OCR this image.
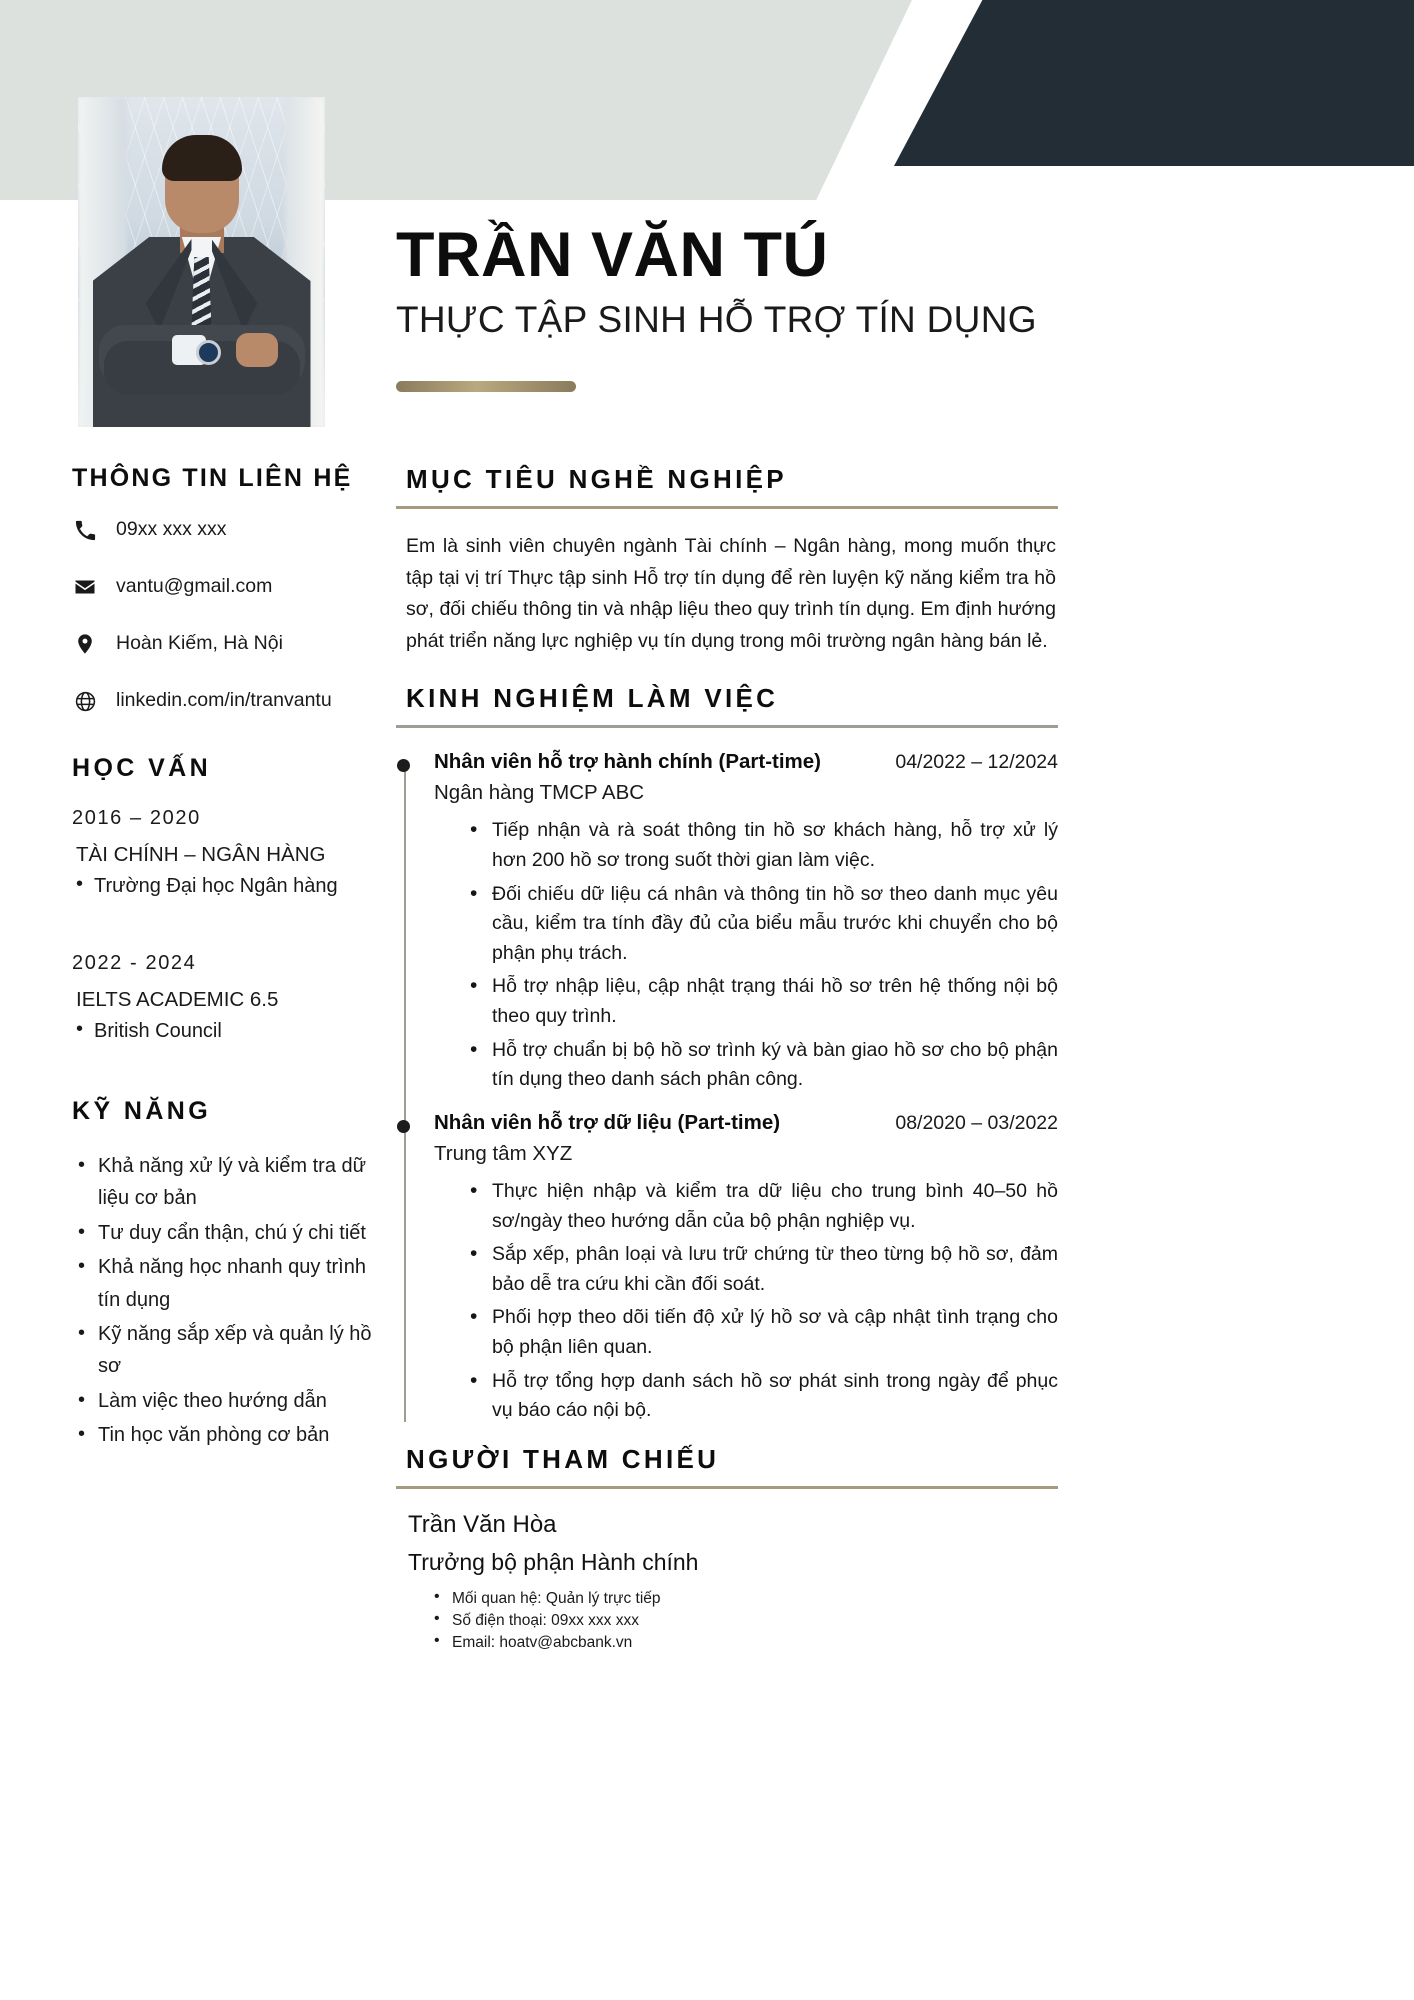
TRẦN VĂN TÚ
THỰC TẬP SINH HỖ TRỢ TÍN DỤNG
THÔNG TIN LIÊN HỆ
09xx xxx xxx
vantu@gmail.com
Hoàn Kiếm, Hà Nội
linkedin.com/in/tranvantu
HỌC VẤN
2016 – 2020
TÀI CHÍNH – NGÂN HÀNG
• Trường Đại học Ngân hàng
2022 - 2024
IELTS ACADEMIC 6.5
• British Council
KỸ NĂNG
• Khả năng xử lý và kiểm tra dữ liệu cơ bản
• Tư duy cẩn thận, chú ý chi tiết
• Khả năng học nhanh quy trình tín dụng
• Kỹ năng sắp xếp và quản lý hồ sơ
• Làm việc theo hướng dẫn
• Tin học văn phòng cơ bản
MỤC TIÊU NGHỀ NGHIỆP

Em là sinh viên chuyên ngành Tài chính – Ngân hàng, mong muốn thực tập tại vị trí Thực tập sinh Hỗ trợ tín dụng để rèn luyện kỹ năng kiểm tra hồ sơ, đối chiếu thông tin và nhập liệu theo quy trình tín dụng. Em định hướng phát triển năng lực nghiệp vụ tín dụng trong môi trường ngân hàng bán lẻ.

KINH NGHIỆM LÀM VIỆC
Nhân viên hỗ trợ hành chính (Part-time)	04/2022 – 12/2024
Ngân hàng TMCP ABC
• Tiếp nhận và rà soát thông tin hồ sơ khách hàng, hỗ trợ xử lý hơn 200 hồ sơ trong suốt thời gian làm việc.
• Đối chiếu dữ liệu cá nhân và thông tin hồ sơ theo danh mục yêu cầu, kiểm tra tính đầy đủ của biểu mẫu trước khi chuyển cho bộ phận phụ trách.
• Hỗ trợ nhập liệu, cập nhật trạng thái hồ sơ trên hệ thống nội bộ theo quy trình.
• Hỗ trợ chuẩn bị bộ hồ sơ trình ký và bàn giao hồ sơ cho bộ phận tín dụng theo danh sách phân công.
Nhân viên hỗ trợ dữ liệu (Part-time)	08/2020 – 03/2022
Trung tâm XYZ
• Thực hiện nhập và kiểm tra dữ liệu cho trung bình 40–50 hồ sơ/ngày theo hướng dẫn của bộ phận nghiệp vụ.
• Sắp xếp, phân loại và lưu trữ chứng từ theo từng bộ hồ sơ, đảm bảo dễ tra cứu khi cần đối soát.
• Phối hợp theo dõi tiến độ xử lý hồ sơ và cập nhật tình trạng cho bộ phận liên quan.
• Hỗ trợ tổng hợp danh sách hồ sơ phát sinh trong ngày để phục vụ báo cáo nội bộ.
NGƯỜI THAM CHIẾU
Trần Văn Hòa
Trưởng bộ phận Hành chính
• Mối quan hệ: Quản lý trực tiếp
• Số điện thoại: 09xx xxx xxx
• Email: hoatv@abcbank.vn
